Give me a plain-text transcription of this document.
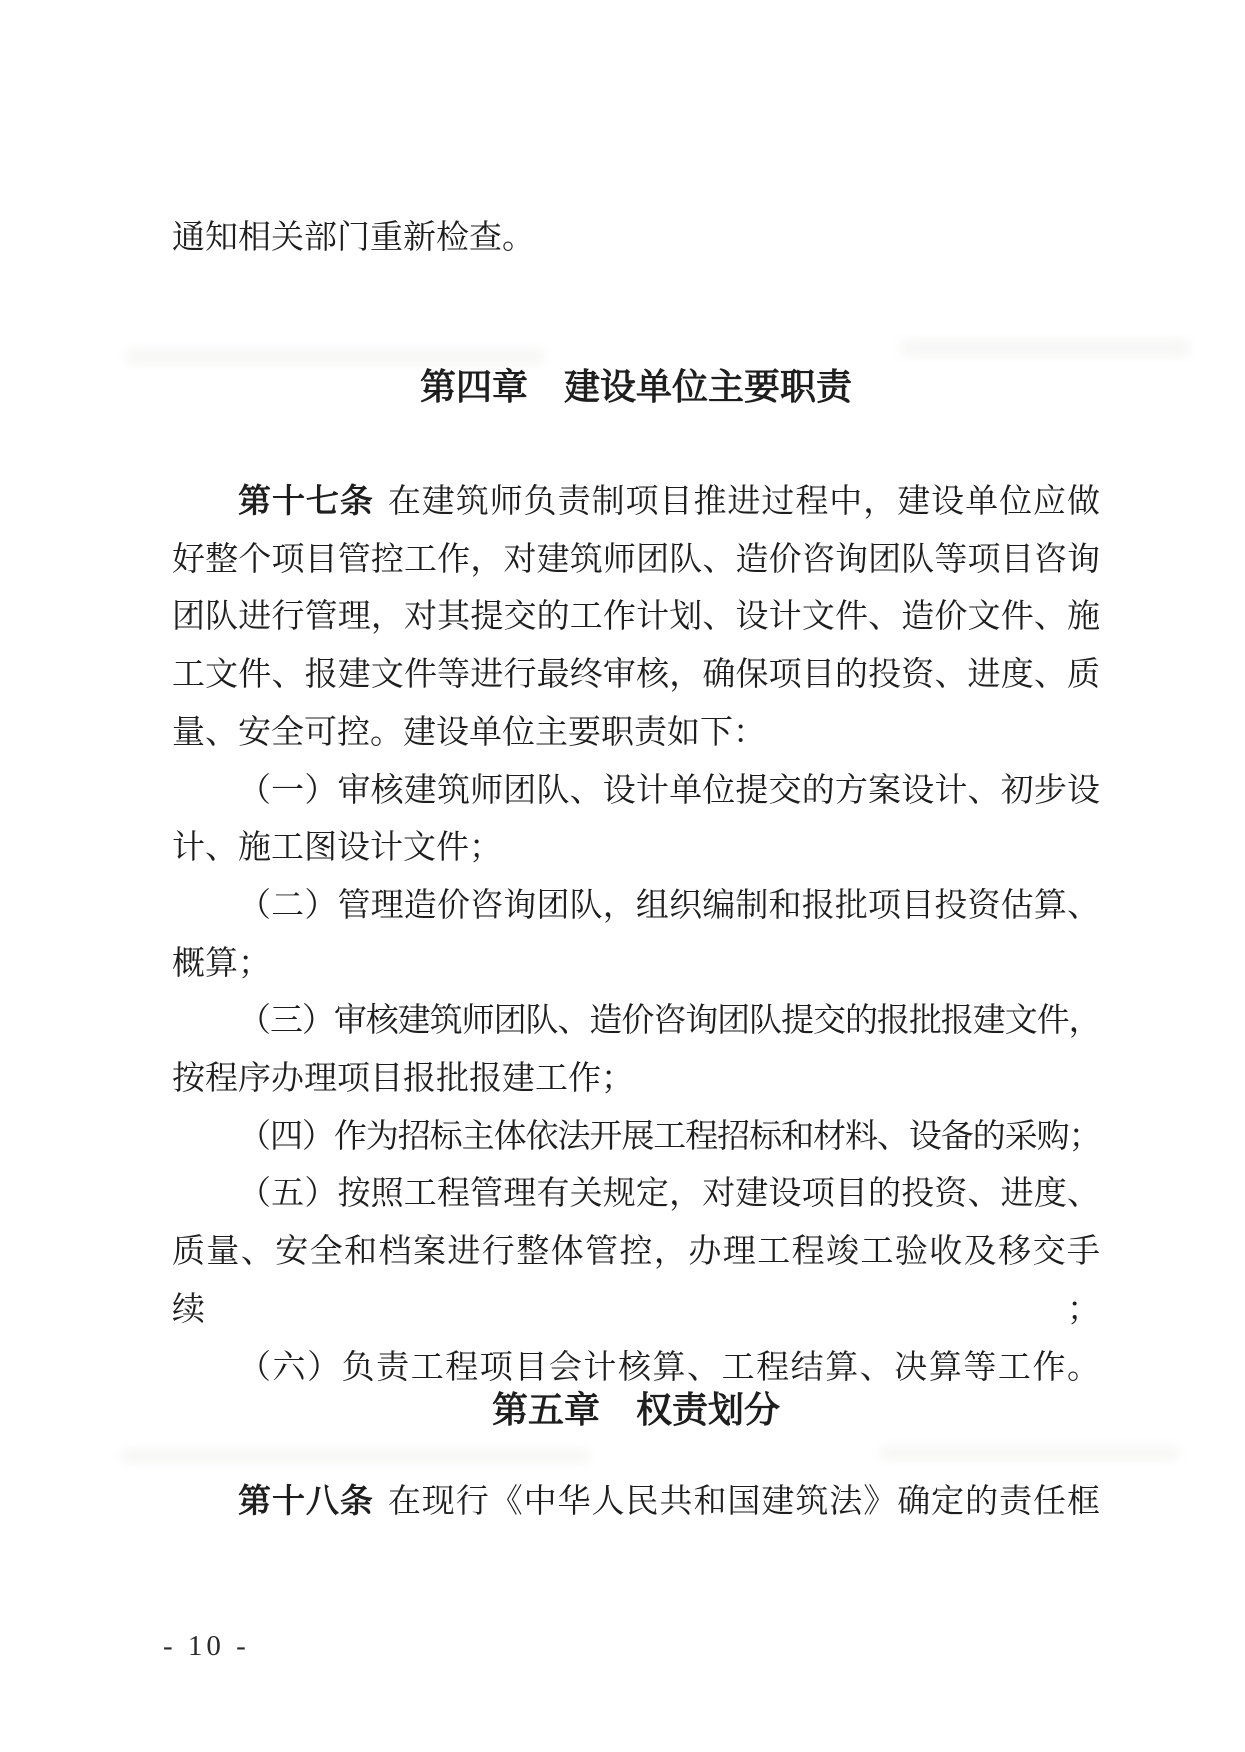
通知相关部门重新检查。
第四章　建设单位主要职责
第十七条 在建筑师负责制项目推进过程中，建设单位应做
好整个项目管控工作，对建筑师团队、造价咨询团队等项目咨询
团队进行管理，对其提交的工作计划、设计文件、造价文件、施
工文件、报建文件等进行最终审核，确保项目的投资、进度、质
量、安全可控。建设单位主要职责如下：
（一）审核建筑师团队、设计单位提交的方案设计、初步设
计、施工图设计文件；
（二）管理造价咨询团队，组织编制和报批项目投资估算、
概算；
（三）审核建筑师团队、造价咨询团队提交的报批报建文件，
按程序办理项目报批报建工作；
（四）作为招标主体依法开展工程招标和材料、设备的采购；
（五）按照工程管理有关规定，对建设项目的投资、进度、
质量、安全和档案进行整体管控，办理工程竣工验收及移交手续；
（六）负责工程项目会计核算、工程结算、决算等工作。
第五章　权责划分
第十八条 在现行《中华人民共和国建筑法》确定的责任框
- 10 -
